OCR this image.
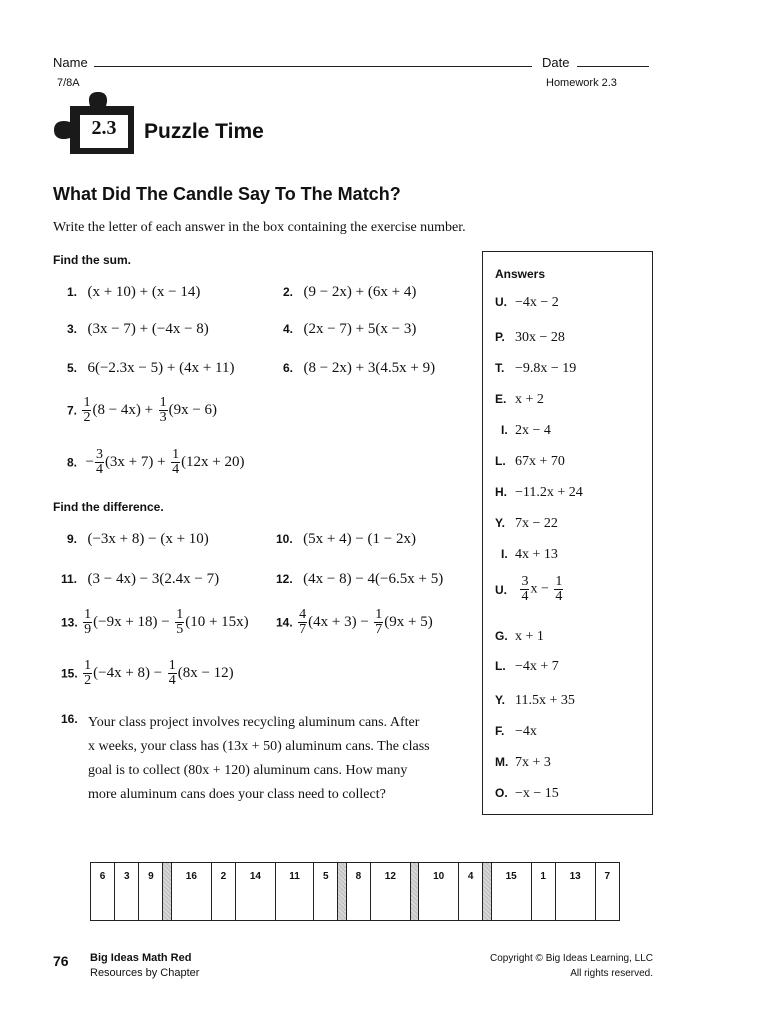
Name	Date
7/8A	Homework 2.3
2.3	Puzzle Time
What Did The Candle Say To The Match?
Write the letter of each answer in the box containing the exercise number.
Find the sum.
1. (x + 10) + (x − 14)	2. (9 − 2x) + (6x + 4)
3. (3x − 7) + (−4x − 8)	4. (2x − 7) + 5(x − 3)
5. 6(−2.3x − 5) + (4x + 11)	6. (8 − 2x) + 3(4.5x + 9)
7. $\frac{1}{2} (8 - 4x) + \frac{1}{3} (9x - 6)$
8. − $\frac{3}{4} (3x + 7) + \frac{1}{4} (12x + 20)$
Find the difference.
9. (−3x + 8) − (x + 10)	10. (5x + 4) − (1 − 2x)
11. (3 − 4x) − 3(2.4x − 7)	12. (4x − 8) − 4(−6.5x + 5)
13. $\frac{1}{9} (-9x + 18) - \frac{1}{5} (10 + 15x)$ 14. $\frac{4}{7} (4x + 3) - \frac{1}{7} (9x + 5)$
15. $\frac{1}{2} (-4x + 8) - \frac{1}{4} (8x - 12)$
16. Your class project involves recycling aluminum cans. After
x weeks, your class has (13x + 50) aluminum cans. The class
goal is to collect (80x + 120) aluminum cans. How many
more aluminum cans does your class need to collect?
Answers
U. −4x − 2
P. 30x − 28
T. −9.8x − 19
E. x + 2
I. 2x − 4
L. 67x + 70
H. −11.2x + 24
Y. 7x − 22
I. 4x + 13
U. $\frac{3}{4}$ $x - \frac{1}{4}$
G. x + 1
L. −4x + 7
Y. 11.5x + 35
F. −4x
M. 7x + 3
O. −x − 15
6	3	9		16	2	14	11	5		8	12		10	4		15	1	13	7
76 Big Ideas Math Red
Resources by Chapter
Copyright © Big Ideas Learning, LLC
All rights reserved.
